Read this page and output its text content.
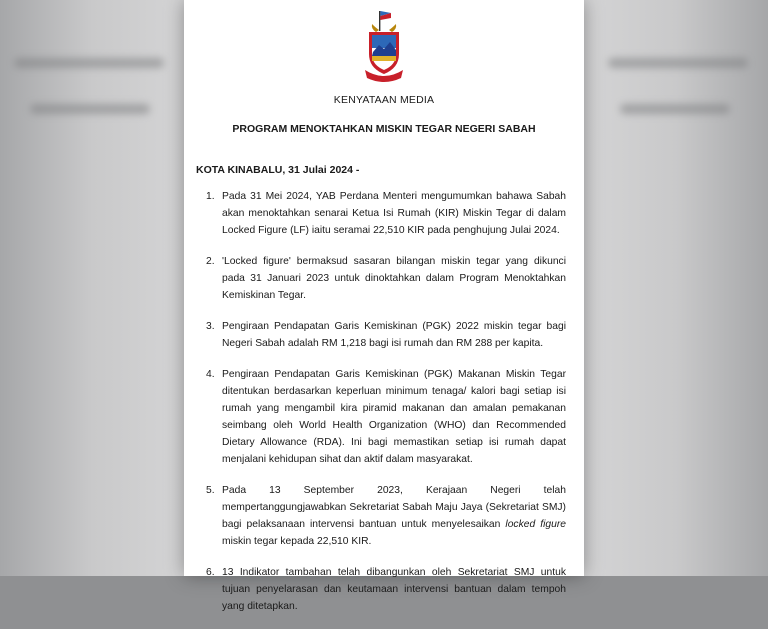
KENYATAAN MEDIA
PROGRAM MENOKTAHKAN MISKIN TEGAR NEGERI SABAH
KOTA KINABALU, 31 Julai 2024 -
1. Pada 31 Mei 2024, YAB Perdana Menteri mengumumkan bahawa Sabah akan menoktahkan senarai Ketua Isi Rumah (KIR) Miskin Tegar di dalam Locked Figure (LF) iaitu seramai 22,510 KIR pada penghujung Julai 2024.
2. 'Locked figure' bermaksud sasaran bilangan miskin tegar yang dikunci pada 31 Januari 2023 untuk dinoktahkan dalam Program Menoktahkan Kemiskinan Tegar.
3. Pengiraan Pendapatan Garis Kemiskinan (PGK) 2022 miskin tegar bagi Negeri Sabah adalah RM 1,218 bagi isi rumah dan RM 288 per kapita.
4. Pengiraan Pendapatan Garis Kemiskinan (PGK) Makanan Miskin Tegar ditentukan berdasarkan keperluan minimum tenaga/ kalori bagi setiap isi rumah yang mengambil kira piramid makanan dan amalan pemakanan seimbang oleh World Health Organization (WHO) dan Recommended Dietary Allowance (RDA). Ini bagi memastikan setiap isi rumah dapat menjalani kehidupan sihat dan aktif dalam masyarakat.
5. Pada 13 September 2023, Kerajaan Negeri telah mempertanggungjawabkan Sekretariat Sabah Maju Jaya (Sekretariat SMJ) bagi pelaksanaan intervensi bantuan untuk menyelesaikan locked figure miskin tegar kepada 22,510 KIR.
6. 13 Indikator tambahan telah dibangunkan oleh Sekretariat SMJ untuk tujuan penyelarasan dan keutamaan intervensi bantuan dalam tempoh yang ditetapkan.
